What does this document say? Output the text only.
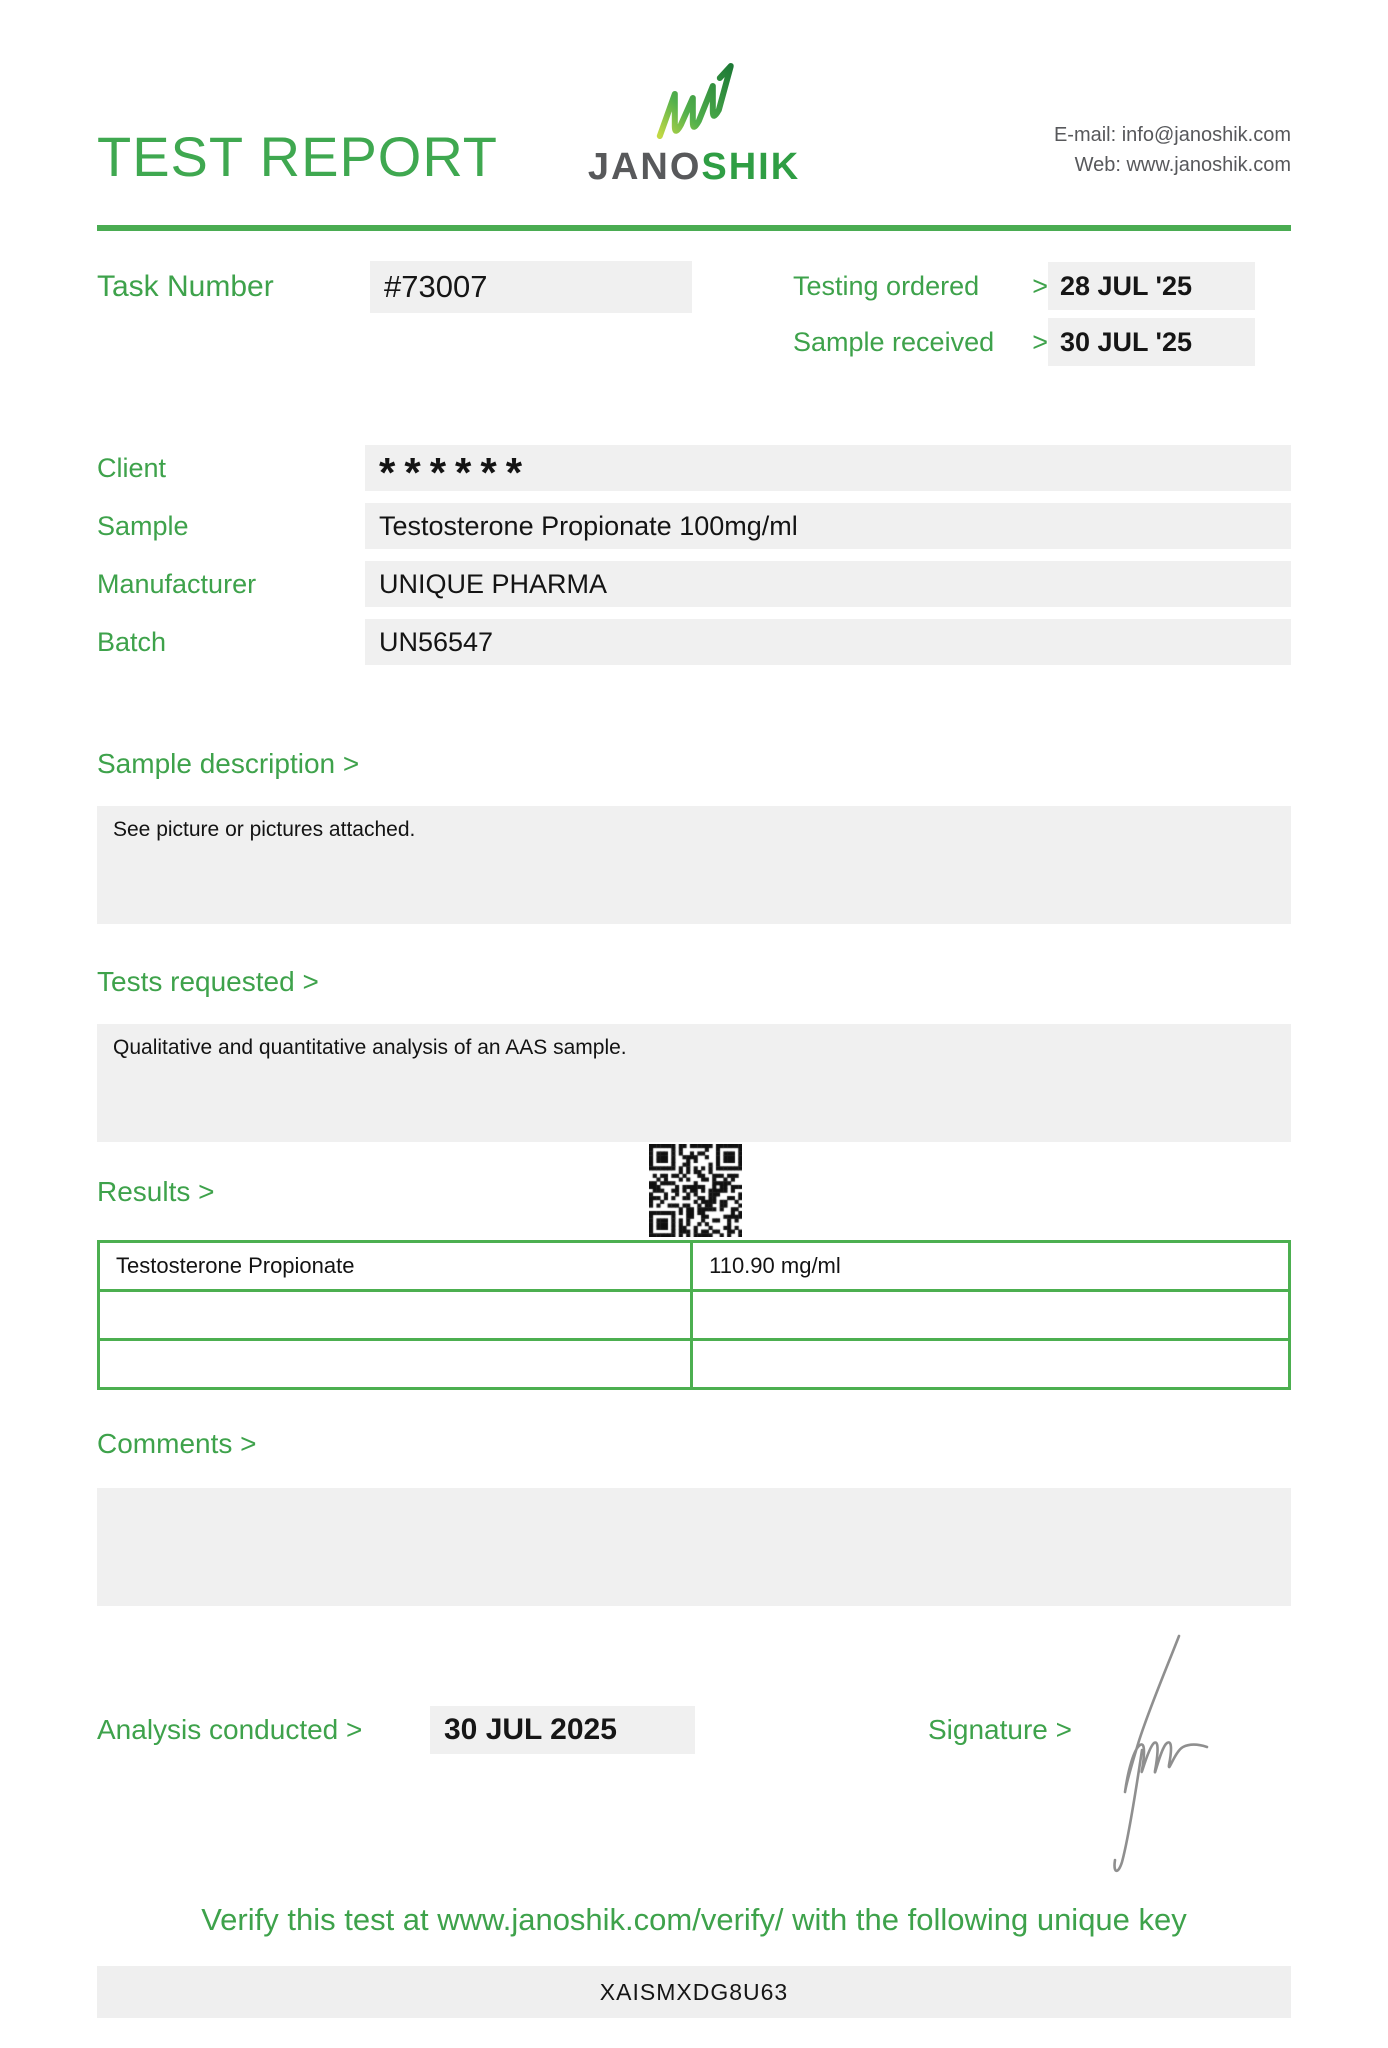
TEST REPORT JANOSHIK
E-mail: info@janoshik.com
Web: www.janoshik.com
Task Number	#73007	Testing ordered > 28 JUL '25
Sample received > 30 JUL '25
Client	******
Sample	Testosterone Propionate 100mg/ml
Manufacturer	UNIQUE PHARMA
Batch	UN56547
Sample description >
See picture or pictures attached.
Tests requested >
Qualitative and quantitative analysis of an AAS sample.
Results >
Testosterone Propionate	110.90 mg/ml

Comments >
Analysis conducted >	30 JUL 2025	Signature >
Verify this test at www.janoshik.com/verify/ with the following unique key
XAISMXDG8U63
